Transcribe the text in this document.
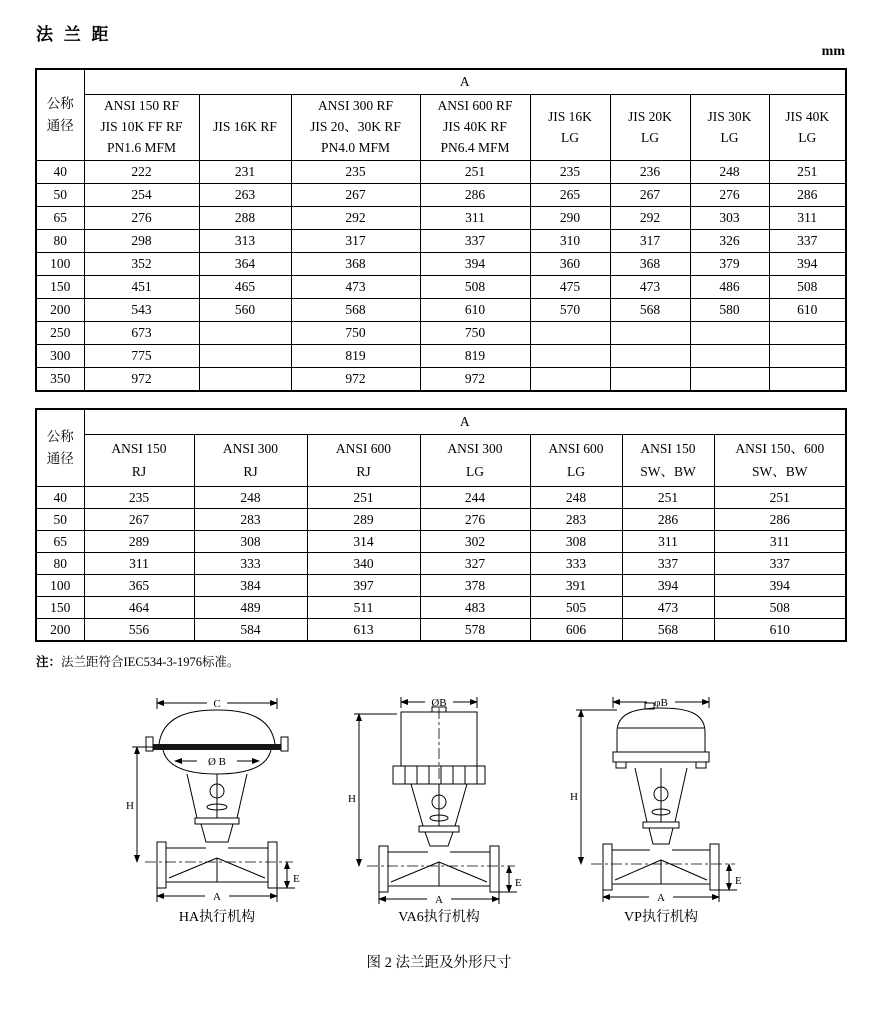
法 兰 距
mm
公称
通径	A							

ANSI 150 RF
JIS 10K FF RF
PN1.6 MFM

JIS 16K RF

ANSI 300 RF
JIS 20、30K RF
PN4.0 MFM

ANSI 600 RF
JIS 40K RF
PN6.4 MFM

JIS 16K
LG

JIS 20K
LG

JIS 30K
LG

JIS 40K
LG

40	222	231	235	251	235	236	248	251
50	254	263	267	286	265	267	276	286
65	276	288	292	311	290	292	303	311
80	298	313	317	337	310	317	326	337
100	352	364	368	394	360	368	379	394
150	451	465	473	508	475	473	486	508
200	543	560	568	610	570	568	580	610
250	673		750	750				
300	775		819	819				
350	972		972	972				
公称
通径	A						

ANSI 150
RJ

ANSI 300
RJ

ANSI 600
RJ

ANSI 300
LG

ANSI 600
LG

ANSI 150
SW、BW

ANSI 150、600
SW、BW

40	235	248	251	244	248	251	251
50	267	283	289	276	283	286	286
65	289	308	314	302	308	311	311
80	311	333	340	327	333	337	337
100	365	384	397	378	391	394	394
150	464	489	511	483	505	473	508
200	556	584	613	578	606	568	610

注：法兰距符合IEC534-3-1976标准。

C
Ø B
H
E
A
HA执行机构
ØB
H
E
A
VA6执行机构
φB
H
E
A
VP执行机构
图 2 法兰距及外形尺寸
